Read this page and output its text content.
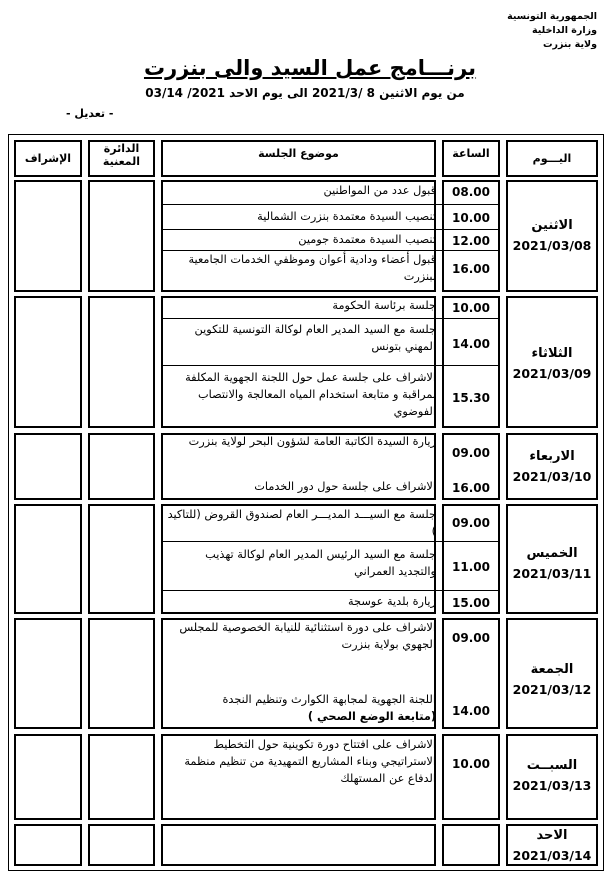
الجمهورية التونسية
وزارة الداخلية
ولاية بنزرت
برنـــامج عمل السيد والى بنزرت
من يوم الاثنين 8 /2021/3 الى يوم الاحد 2021/ 03/14
- تعديل -
اليـــوم
الساعة
موضوع الجلسة
الدائرة المعنية
الإشراف
الاثنين
2021/03/08
08.00
قبول عدد من المواطنين
10.00
تنصيب السيدة معتمدة بنزرت الشمالية
12.00
تنصيب السيدة معتمدة جومين
16.00
قبول أعضاء ودادية أعوان وموظفي الخدمات الجامعية ببنزرت
الثلاثاء
2021/03/09
10.00
جلسة برئاسة الحكومة
14.00
جلسة مع السيد المدير العام لوكالة التونسية للتكوين المهني بتونس
15.30
الاشراف على جلسة عمل حول اللجنة الجهوية المكلفة بمراقبة و متابعة استخدام المياه المعالجة والانتصاب الفوضوي
الاربعاء
2021/03/10
09.00
زيارة السيدة الكاتبة العامة لشؤون البحر لولاية بنزرت
16.00
الاشراف على جلسة حول دور الخدمات
الخميس
2021/03/11
09.00
جلسة مع السيـــد المديـــر العام لصندوق القروض (للتاكيد )
11.00
جلسة مع السيد الرئيس المدير العام لوكالة تهذيب والتجديد العمراني
15.00
زيارة بلدية عوسجة
الجمعة
2021/03/12
09.00
الاشراف على دورة استثنائية للنيابة الخصوصية للمجلس الجهوي بولاية بنزرت
14.00
اللجنة الجهوية لمجابهة الكوارث وتنظيم النجدة
(متابعة الوضع الصحي )
السبــت
2021/03/13
10.00
الاشراف على افتتاح دورة تكوينية حول التخطيط الاستراتيجي وبناء المشاريع التمهيدية من تنظيم منظمة الدفاع عن المستهلك
الاحد
2021/03/14
